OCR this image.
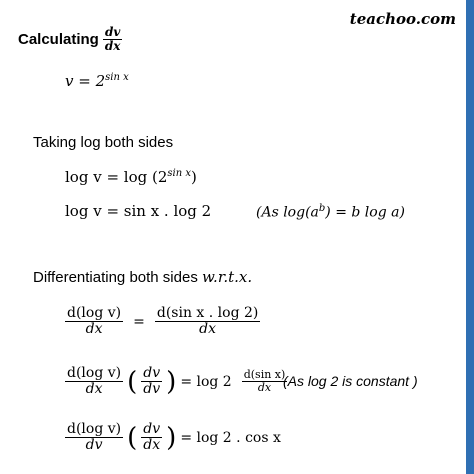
teachoo.com
Calculating $\frac{dv}{dx}$
$v = 2^{sin x}$
Taking log both sides
$\log v = \log (2^{sin x})$
log v = sin x . log 2	(As $\log(a^b) = b$ log a)
Differentiating both sides w.r.t.x.
$\frac{\text{d(log v)}}{dx} = \frac{\text{d(sin x . log 2)}}{dx}$
$\frac{\text{d(log v)}}{dx}$ ( $\frac{dv}{dv}$ ) = $\log 2 \frac{\text{d(sin x)}}{dx}$
(As log 2 is constant )
$\frac{\text{d(log v)}}{dv}$ ( $\frac{dv}{dx}$ ) = log 2 . cos x
